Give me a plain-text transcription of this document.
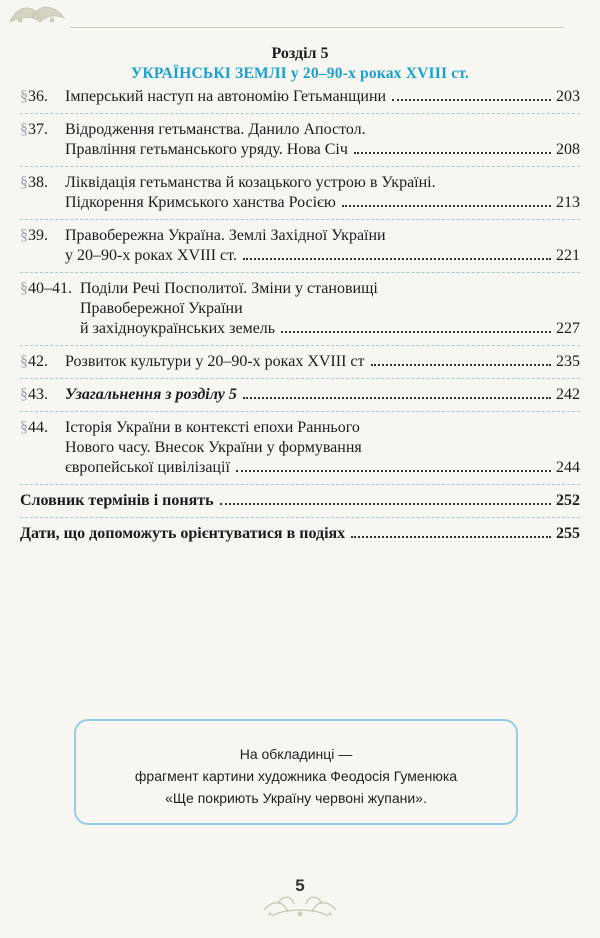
Розділ 5
УКРАЇНСЬКІ ЗЕМЛІ у 20–90-х роках XVIII ст.
§36. Імперський наступ на автономію Гетьманщини	203
§37. Відродження гетьманства. Данило Апостол.
Правління гетьманського уряду. Нова Січ	208
§38. Ліквідація гетьманства й козацького устрою в Україні.
Підкорення Кримського ханства Росією	213
§39. Правобережна Україна. Землі Західної України
у 20–90-х роках XVIII ст.	221
§40–41. Поділи Речі Посполитої. Зміни у становищі
Правобережної України
й західноукраїнських земель	227
§42. Розвиток культури у 20–90-х роках XVIII ст	235
§43. Узагальнення з розділу 5	242
§44. Історія України в контексті епохи Раннього
Нового часу. Внесок України у формування
європейської цивілізації	244
Словник термінів і понять	252
Дати, що допоможуть орієнтуватися в подіях	255
На обкладинці —
фрагмент картини художника Феодосія Гуменюка
«Ще покриють Україну червоні жупани».
5
